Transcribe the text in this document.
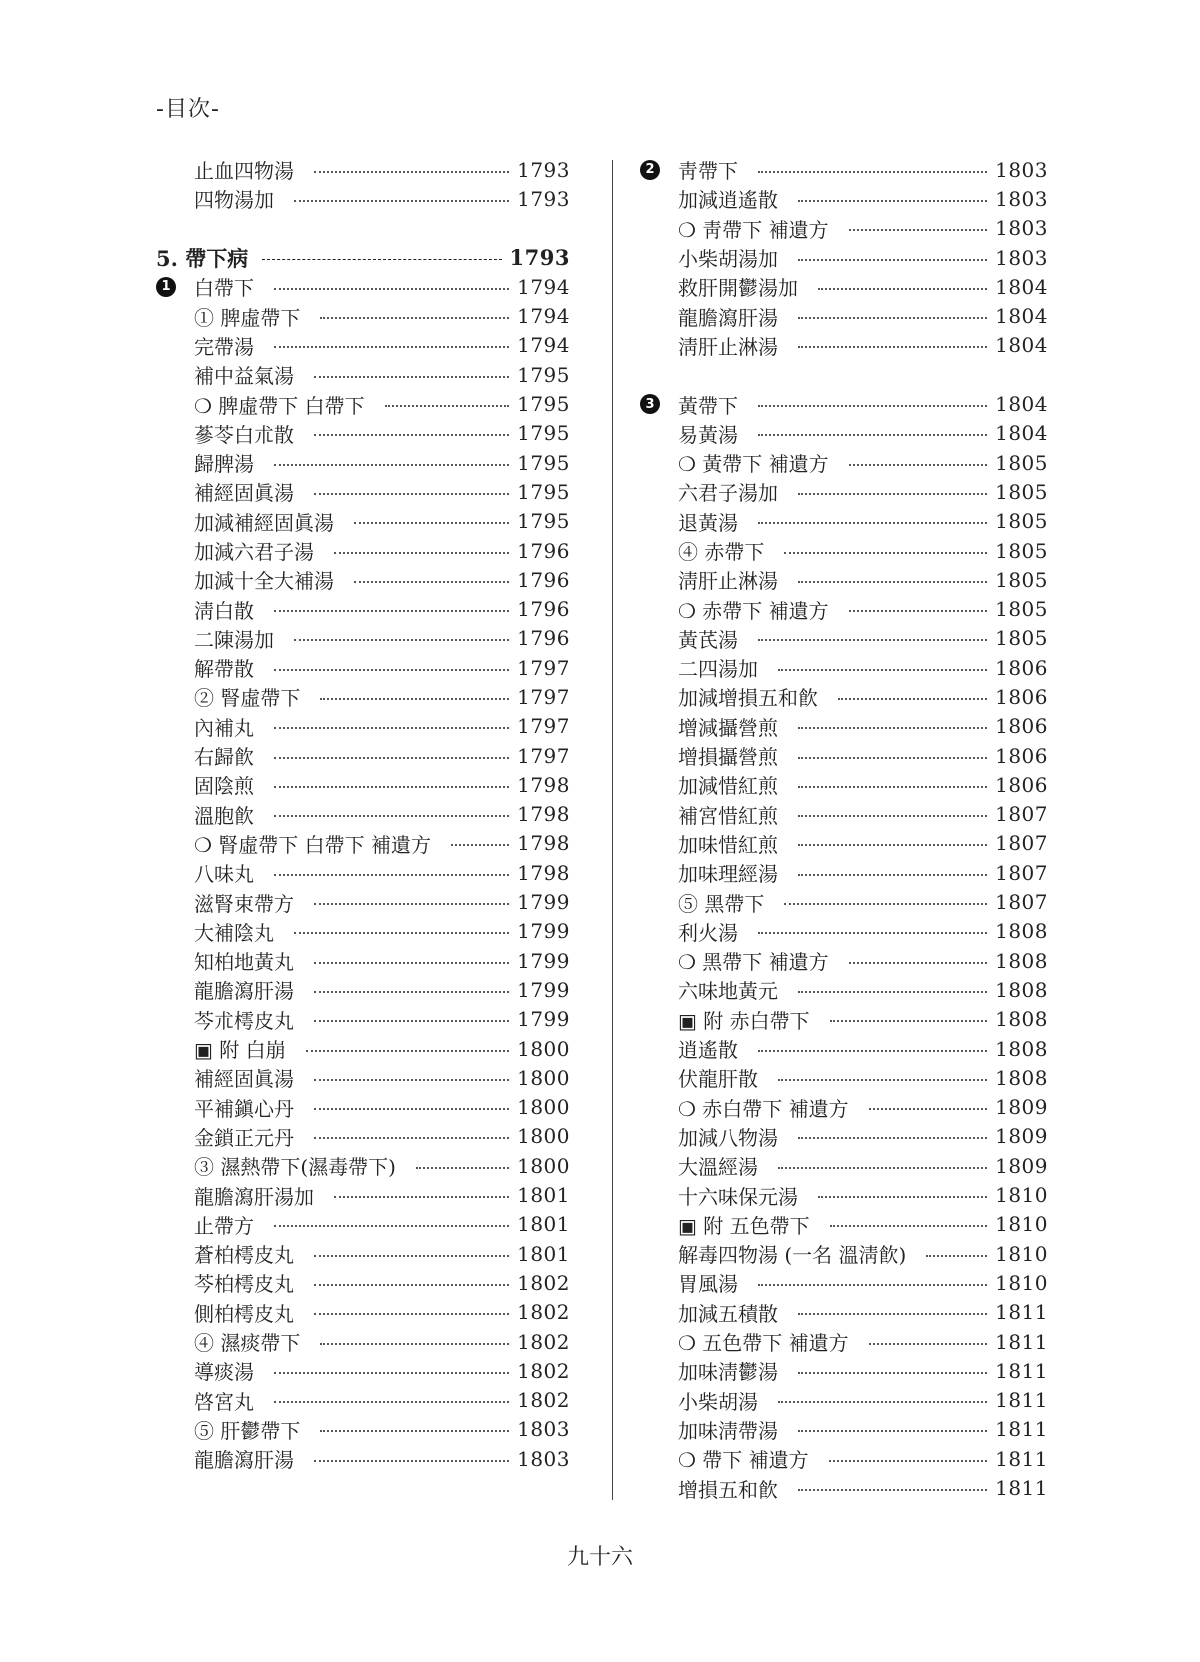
-目次-
止血四物湯	1793
四物湯加	1793
5. 帶下病	1793
1 白帶下	1794
① 脾虛帶下	1794
完帶湯	1794
補中益氣湯	1795
❍ 脾虛帶下 白帶下	1795
蔘苓白朮散	1795
歸脾湯	1795
補經固眞湯	1795
加減補經固眞湯	1795
加減六君子湯	1796
加減十全大補湯	1796
淸白散	1796
二陳湯加	1796
解帶散	1797
② 腎虛帶下	1797
內補丸	1797
右歸飮	1797
固陰煎	1798
溫胞飮	1798
❍ 腎虛帶下 白帶下 補遺方	1798
八味丸	1798
滋腎束帶方	1799
大補陰丸	1799
知柏地黃丸	1799
龍膽瀉肝湯	1799
芩朮樗皮丸	1799
▣ 附 白崩	1800
補經固眞湯	1800
平補鎭心丹	1800
金鎖正元丹	1800
③ 濕熱帶下(濕毒帶下)	1800
龍膽瀉肝湯加	1801
止帶方	1801
蒼柏樗皮丸	1801
芩柏樗皮丸	1802
側柏樗皮丸	1802
④ 濕痰帶下	1802
導痰湯	1802
啓宮丸	1802
⑤ 肝鬱帶下	1803
龍膽瀉肝湯	1803
2 靑帶下	1803
加減逍遙散	1803
❍ 靑帶下 補遺方	1803
小柴胡湯加	1803
救肝開鬱湯加	1804
龍膽瀉肝湯	1804
淸肝止淋湯	1804
3 黃帶下	1804
易黃湯	1804
❍ 黃帶下 補遺方	1805
六君子湯加	1805
退黃湯	1805
④ 赤帶下	1805
淸肝止淋湯	1805
❍ 赤帶下 補遺方	1805
黃芪湯	1805
二四湯加	1806
加減增損五和飮	1806
增減攝營煎	1806
增損攝營煎	1806
加減惜紅煎	1806
補宮惜紅煎	1807
加味惜紅煎	1807
加味理經湯	1807
⑤ 黑帶下	1807
利火湯	1808
❍ 黑帶下 補遺方	1808
六味地黃元	1808
▣ 附 赤白帶下	1808
逍遙散	1808
伏龍肝散	1808
❍ 赤白帶下 補遺方	1809
加減八物湯	1809
大溫經湯	1809
十六味保元湯	1810
▣ 附 五色帶下	1810
解毒四物湯 (一名 溫淸飮)	1810
胃風湯	1810
加減五積散	1811
❍ 五色帶下 補遺方	1811
加味淸鬱湯	1811
小柴胡湯	1811
加味淸帶湯	1811
❍ 帶下 補遺方	1811
增損五和飮	1811
九十六
